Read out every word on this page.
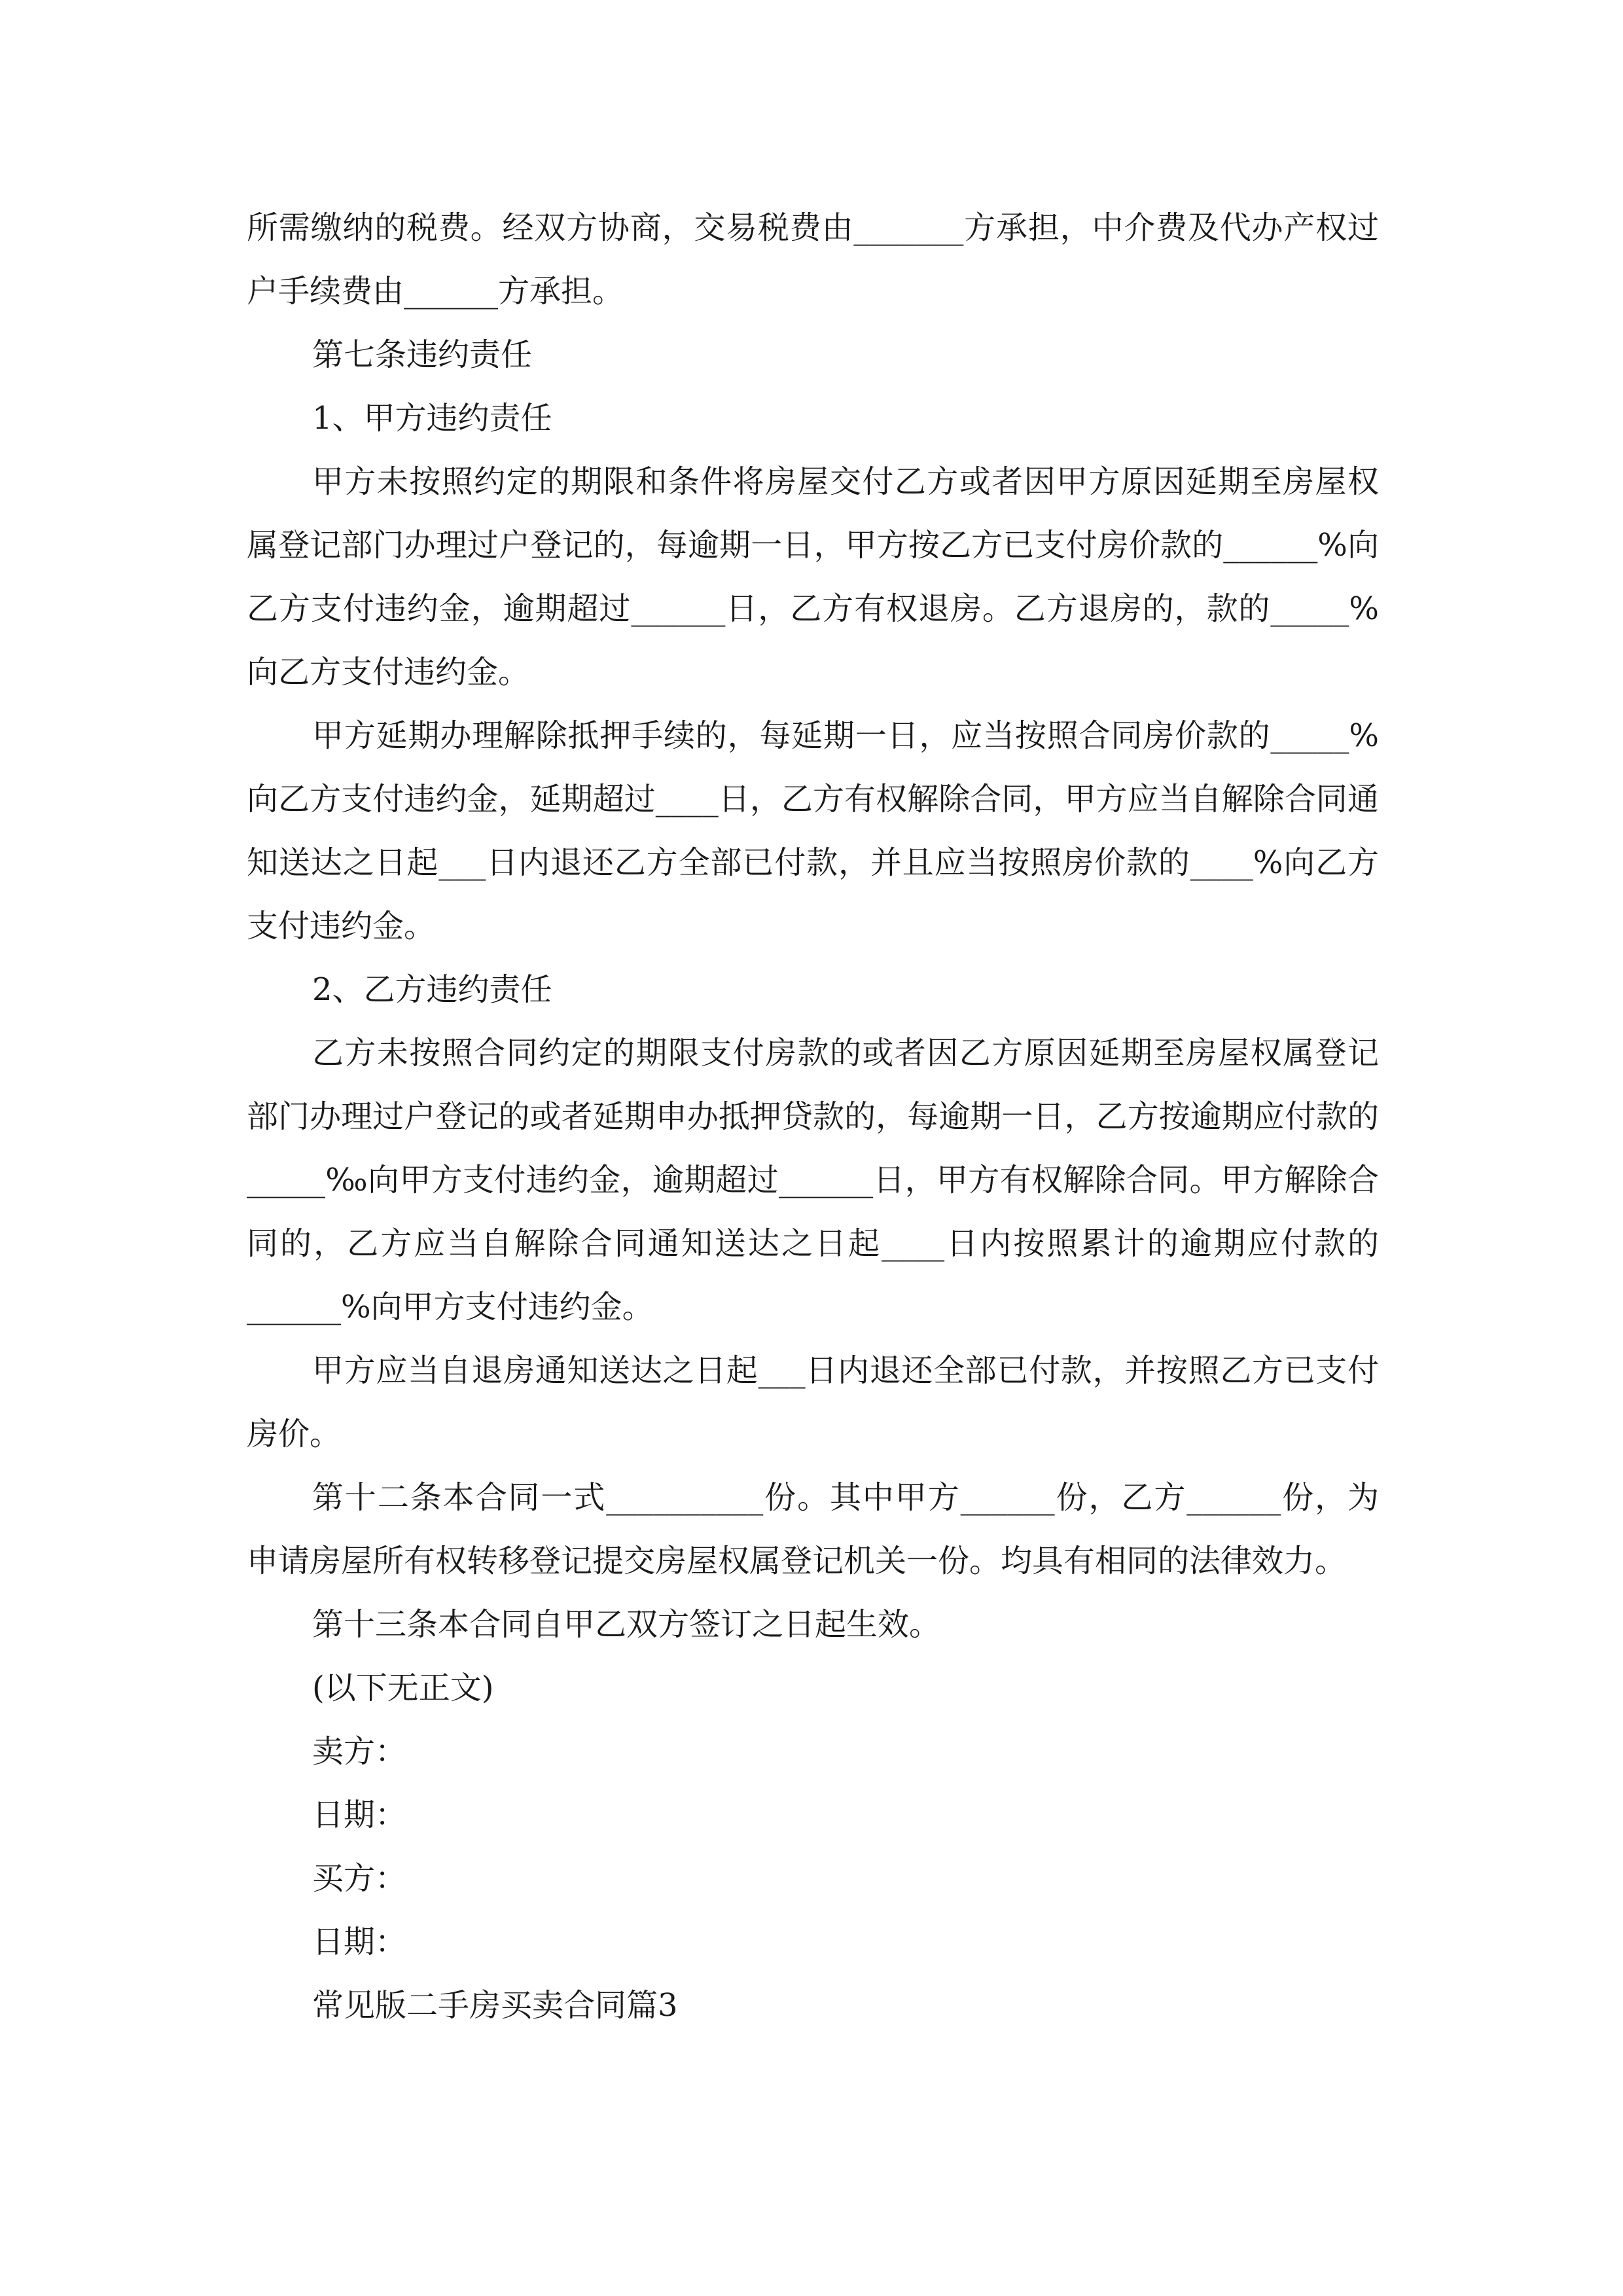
所需缴纳的税费。经双方协商，交易税费由_______方承担，中介费及代办产权过户手续费由______方承担。

第七条违约责任

1、甲方违约责任

甲方未按照约定的期限和条件将房屋交付乙方或者因甲方原因延期至房屋权属登记部门办理过户登记的，每逾期一日，甲方按乙方已支付房价款的______%向乙方支付违约金，逾期超过______日，乙方有权退房。乙方退房的，款的_____%向乙方支付违约金。

甲方延期办理解除抵押手续的，每延期一日，应当按照合同房价款的_____%向乙方支付违约金，延期超过____日，乙方有权解除合同，甲方应当自解除合同通知送达之日起___日内退还乙方全部已付款，并且应当按照房价款的____%向乙方支付违约金。

2、乙方违约责任

乙方未按照合同约定的期限支付房款的或者因乙方原因延期至房屋权属登记部门办理过户登记的或者延期申办抵押贷款的，每逾期一日，乙方按逾期应付款的_____‰向甲方支付违约金，逾期超过______日，甲方有权解除合同。甲方解除合同的，乙方应当自解除合同通知送达之日起____日内按照累计的逾期应付款的______%向甲方支付违约金。

甲方应当自退房通知送达之日起___日内退还全部已付款，并按照乙方已支付房价。

第十二条本合同一式__________份。其中甲方______份，乙方______份，为申请房屋所有权转移登记提交房屋权属登记机关一份。均具有相同的法律效力。

第十三条本合同自甲乙双方签订之日起生效。

(以下无正文)

卖方：

日期：

买方：

日期：

常见版二手房买卖合同篇3
